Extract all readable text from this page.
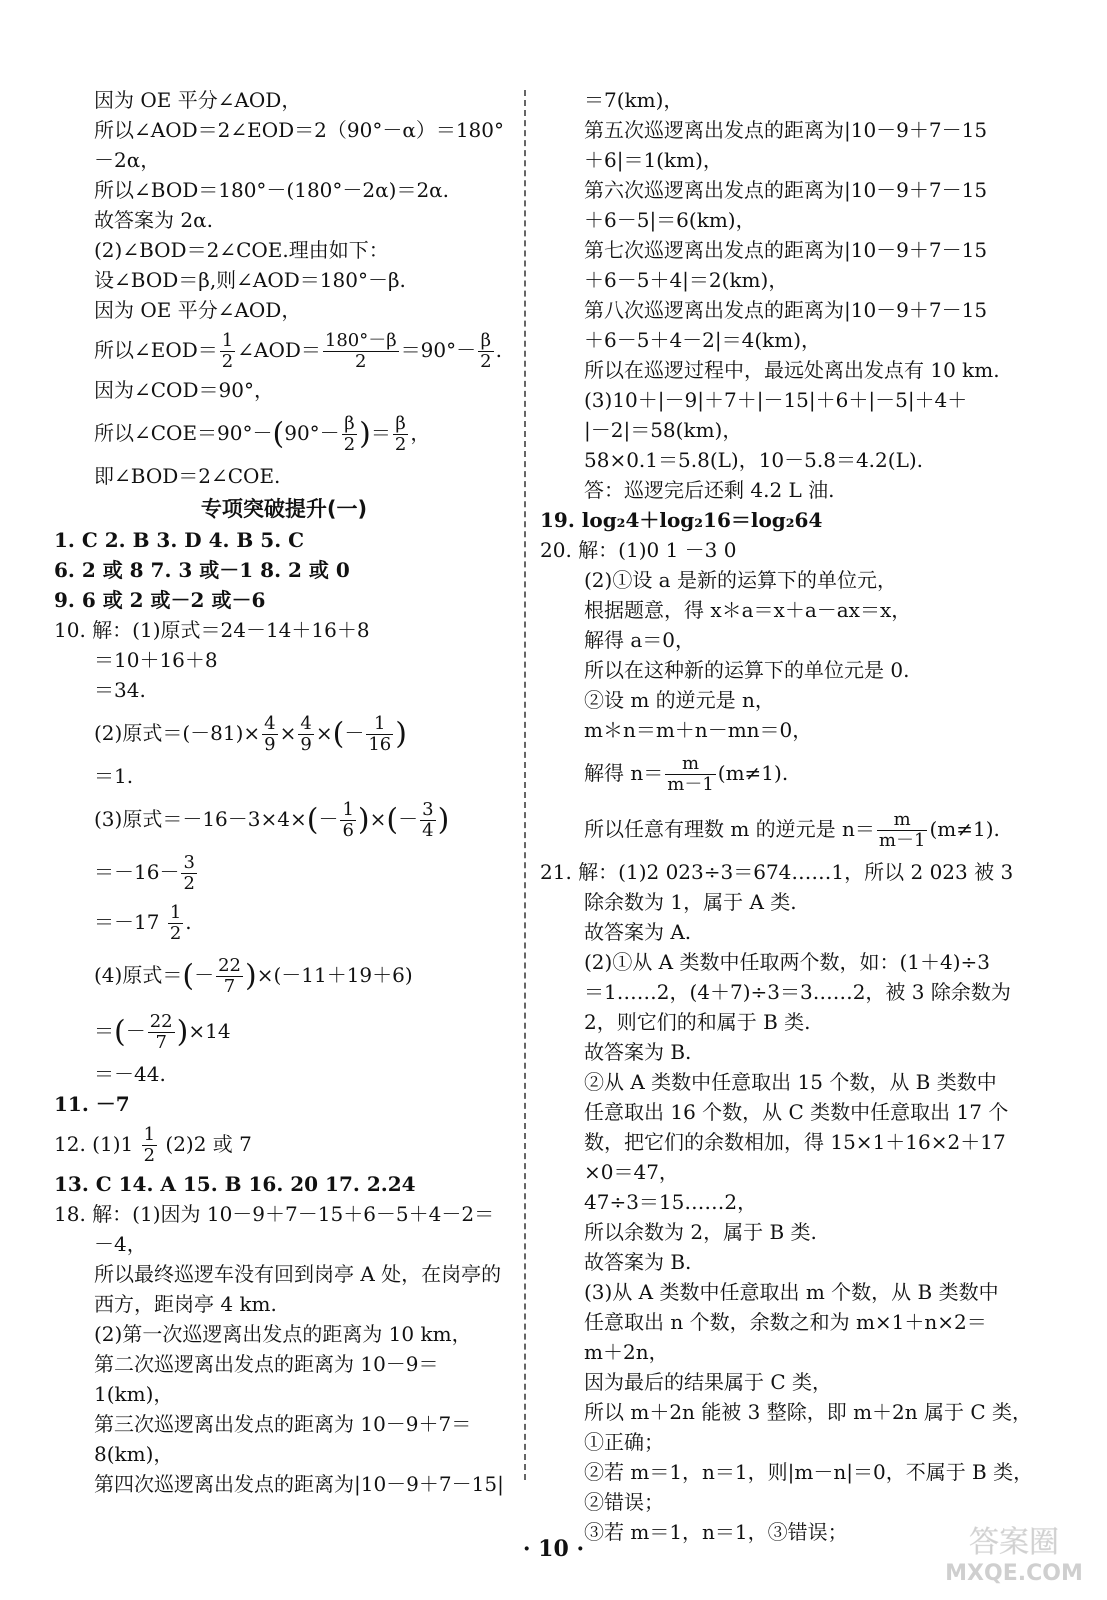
因为 OE 平分∠AOD，
所以∠AOD＝2∠EOD＝2（90°－α）＝180°
－2α，
所以∠BOD＝180°－(180°－2α)＝2α.
故答案为 2α.
(2)∠BOD＝2∠COE.理由如下：
设∠BOD＝β,则∠AOD＝180°－β.
因为 OE 平分∠AOD，
所以∠EOD＝ $\frac{1}{2}$ ∠AOD＝ $\frac{180^\circ-\beta}{2} =90^\circ- \frac{\beta}{2}$ .
因为∠COD＝90°，
所以∠COE＝90°－(90°－ $\frac{\beta}{2}$ )＝ $\frac{\beta}{2}$ ，
即∠BOD＝2∠COE.
专项突破提升(一)
1. C 2. B 3. D 4. B 5. C
6. 2 或 8 7. 3 或－1 8. 2 或 0
9. 6 或 2 或－2 或－6
10. 解：(1)原式＝24－14＋16＋8
＝10＋16＋8
＝34.
(2)原式$=(-81)\times \frac{4}{9} \times \frac{4}{9}$ ×(－ $\frac{1}{16}$ )
＝1.
(3)原式$=-16-3\times 4\times(- \frac{1}{6}$ )×(－ $\frac{3}{4}$ )
$=-16- \frac{3}{2}$
$=-17 \frac{1}{2}$ .
(4)原式＝(－ $\frac{22}{7} )\times(-11+19+6)$
＝(－ $\frac{22}{7} )\times 14$
＝－44.
11. －7
12. $(1)1 \frac{1}{2} (2)2$ 或 7
13. C 14. A 15. B 16. 20 17. 2.24
18. 解：(1)因为 10－9＋7－15＋6－5＋4－2＝
－4，
所以最终巡逻车没有回到岗亭 A 处，在岗亭的
西方，距岗亭 4 km.
(2)第一次巡逻离出发点的距离为 10 km，
第二次巡逻离出发点的距离为 10－9＝
1(km)，
第三次巡逻离出发点的距离为 10－9＋7＝
8(km)，
第四次巡逻离出发点的距离为|10－9＋7－15|
＝7(km)，
第五次巡逻离出发点的距离为|10－9＋7－15
＋6|＝1(km)，
第六次巡逻离出发点的距离为|10－9＋7－15
＋6－5|＝6(km)，
第七次巡逻离出发点的距离为|10－9＋7－15
＋6－5＋4|＝2(km)，
第八次巡逻离出发点的距离为|10－9＋7－15
＋6－5＋4－2|＝4(km)，
所以在巡逻过程中，最远处离出发点有 10 km.
(3)10＋|－9|＋7＋|－15|＋6＋|－5|＋4＋
|－2|＝58(km)，
58×0.1＝5.8(L)，10－5.8＝4.2(L).
答：巡逻完后还剩 4.2 L 油.
19. log₂4＋log₂16＝log₂64
20. 解：(1)0 1 －3 0
(2)①设 a 是新的运算下的单位元，
根据题意，得 x＊a＝x＋a－ax＝x，
解得 a＝0，
所以在这种新的运算下的单位元是 0.
②设 m 的逆元是 n，
m＊n＝m＋n－mn＝0，
解得 $n= \frac{m}{m-1} (m\ne 1)$.
所以任意有理数 m 的逆元是 $n= \frac{m}{m-1} (m\ne 1)$.
21. 解：(1)2 023÷3＝674……1，所以 2 023 被 3
除余数为 1，属于 A 类.
故答案为 A.
(2)①从 A 类数中任取两个数，如：(1＋4)÷3
＝1……2，(4＋7)÷3＝3……2，被 3 除余数为
2，则它们的和属于 B 类.
故答案为 B.
②从 A 类数中任意取出 15 个数，从 B 类数中
任意取出 16 个数，从 C 类数中任意取出 17 个
数，把它们的余数相加，得 15×1＋16×2＋17
×0＝47，
47÷3＝15……2，
所以余数为 2，属于 B 类.
故答案为 B.
(3)从 A 类数中任意取出 m 个数，从 B 类数中
任意取出 n 个数，余数之和为 m×1＋n×2＝
m＋2n，
因为最后的结果属于 C 类，
所以 m＋2n 能被 3 整除，即 m＋2n 属于 C 类，
①正确；
②若 m＝1，n＝1，则|m－n|＝0，不属于 B 类，
②错误；
③若 m＝1，n＝1，③错误；
· 10 ·	答案圈
MXQE.COM
